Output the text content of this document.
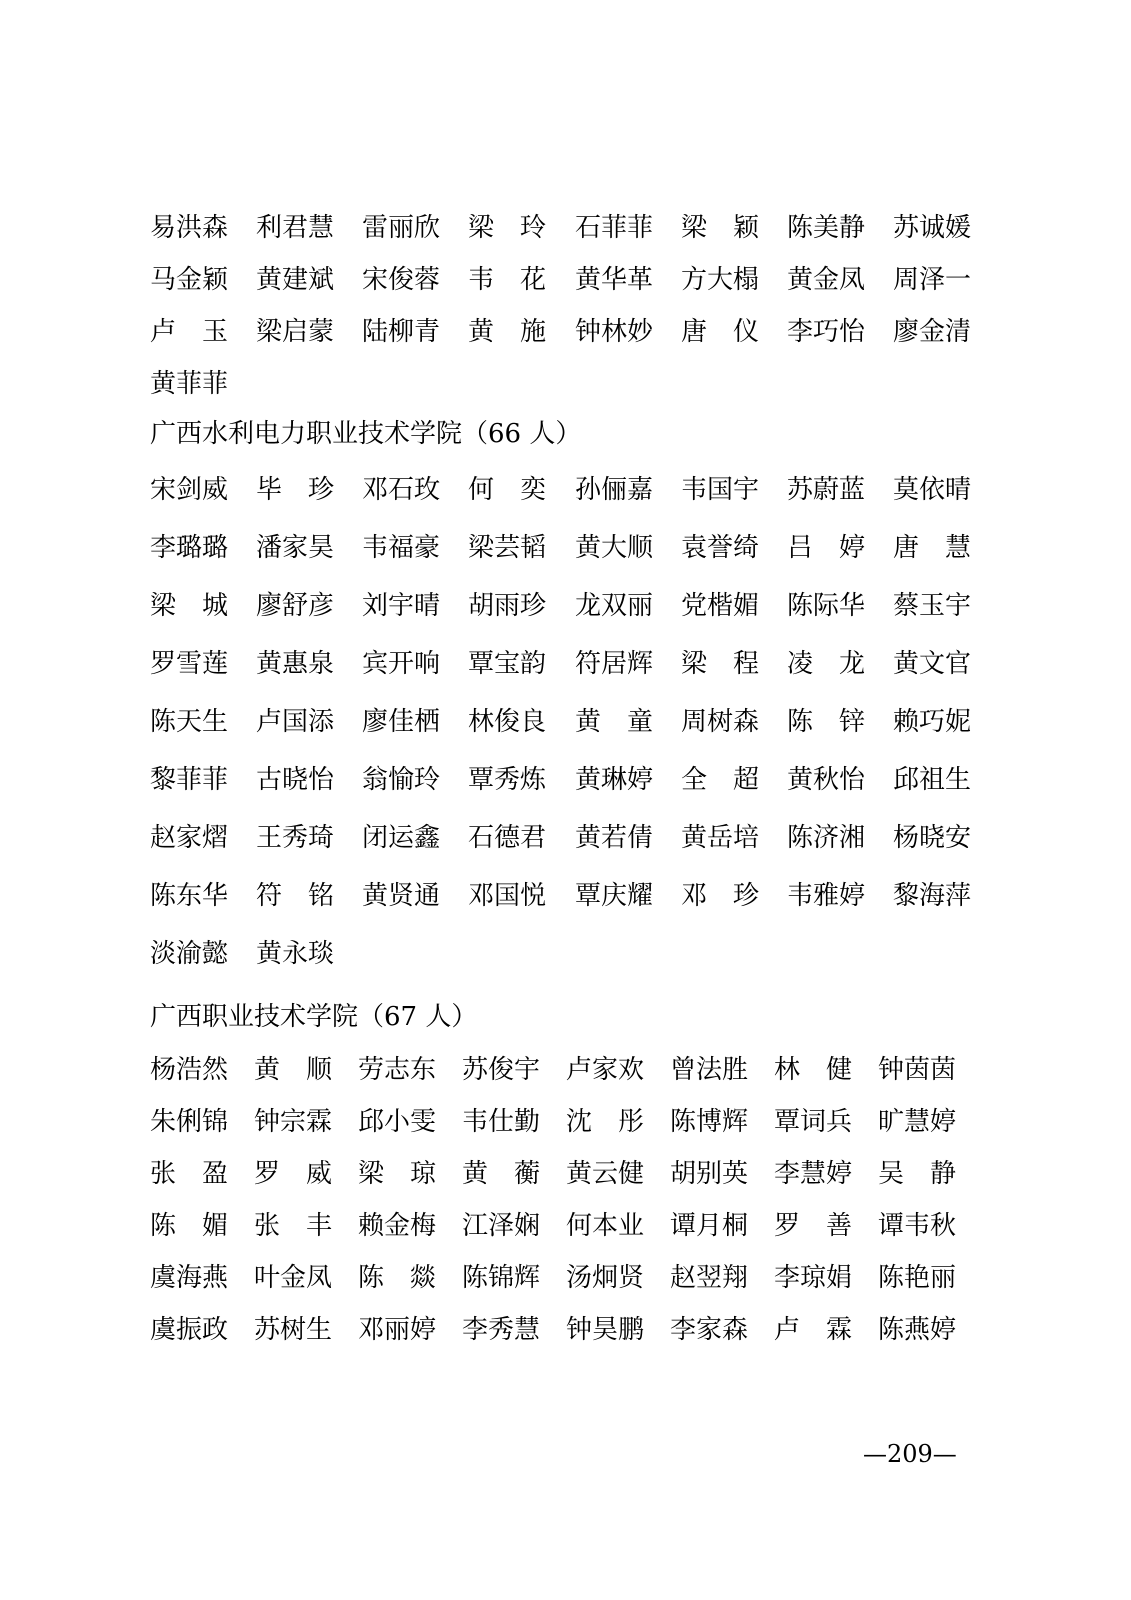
易洪森 利君慧 雷丽欣 梁 玲 石菲菲 梁 颖 陈美静 苏诚媛
马金颖 黄建斌 宋俊蓉 韦 花 黄华革 方大榻 黄金凤 周泽一
卢 玉 梁启蒙 陆柳青 黄 施 钟林妙 唐 仪 李巧怡 廖金清
黄菲菲
广西水利电力职业技术学院（66 人）
宋剑威 毕 珍 邓石玫 何 奕 孙俪嘉 韦国宇 苏蔚蓝 莫依晴
李璐璐 潘家昊 韦福豪 梁芸韬 黄大顺 袁誉绮 吕 婷 唐 慧
梁 城 廖舒彦 刘宇晴 胡雨珍 龙双丽 党楷媚 陈际华 蔡玉宇
罗雪莲 黄惠泉 宾开响 覃宝韵 符居辉 梁 程 凌 龙 黄文官
陈天生 卢国添 廖佳栖 林俊良 黄 童 周树森 陈 锌 赖巧妮
黎菲菲 古晓怡 翁愉玲 覃秀炼 黄琳婷 全 超 黄秋怡 邱祖生
赵家熠 王秀琦 闭运鑫 石德君 黄若倩 黄岳培 陈济湘 杨晓安
陈东华 符 铭 黄贤通 邓国悦 覃庆耀 邓 珍 韦雅婷 黎海萍
淡渝懿 黄永琰
广西职业技术学院（67 人）
杨浩然 黄 顺 劳志东 苏俊宇 卢家欢 曾法胜 林 健 钟茵茵
朱俐锦 钟宗霖 邱小雯 韦仕勤 沈 彤 陈博辉 覃词兵 旷慧婷
张 盈 罗 威 梁 琼 黄 蘅 黄云健 胡别英 李慧婷 吴 静
陈 媚 张 丰 赖金梅 江泽娴 何本业 谭月桐 罗 善 谭韦秋
虞海燕 叶金凤 陈 燚 陈锦辉 汤炯贤 赵翌翔 李琼娟 陈艳丽
虞振政 苏树生 邓丽婷 李秀慧 钟昊鹏 李家森 卢 霖 陈燕婷
—209—
